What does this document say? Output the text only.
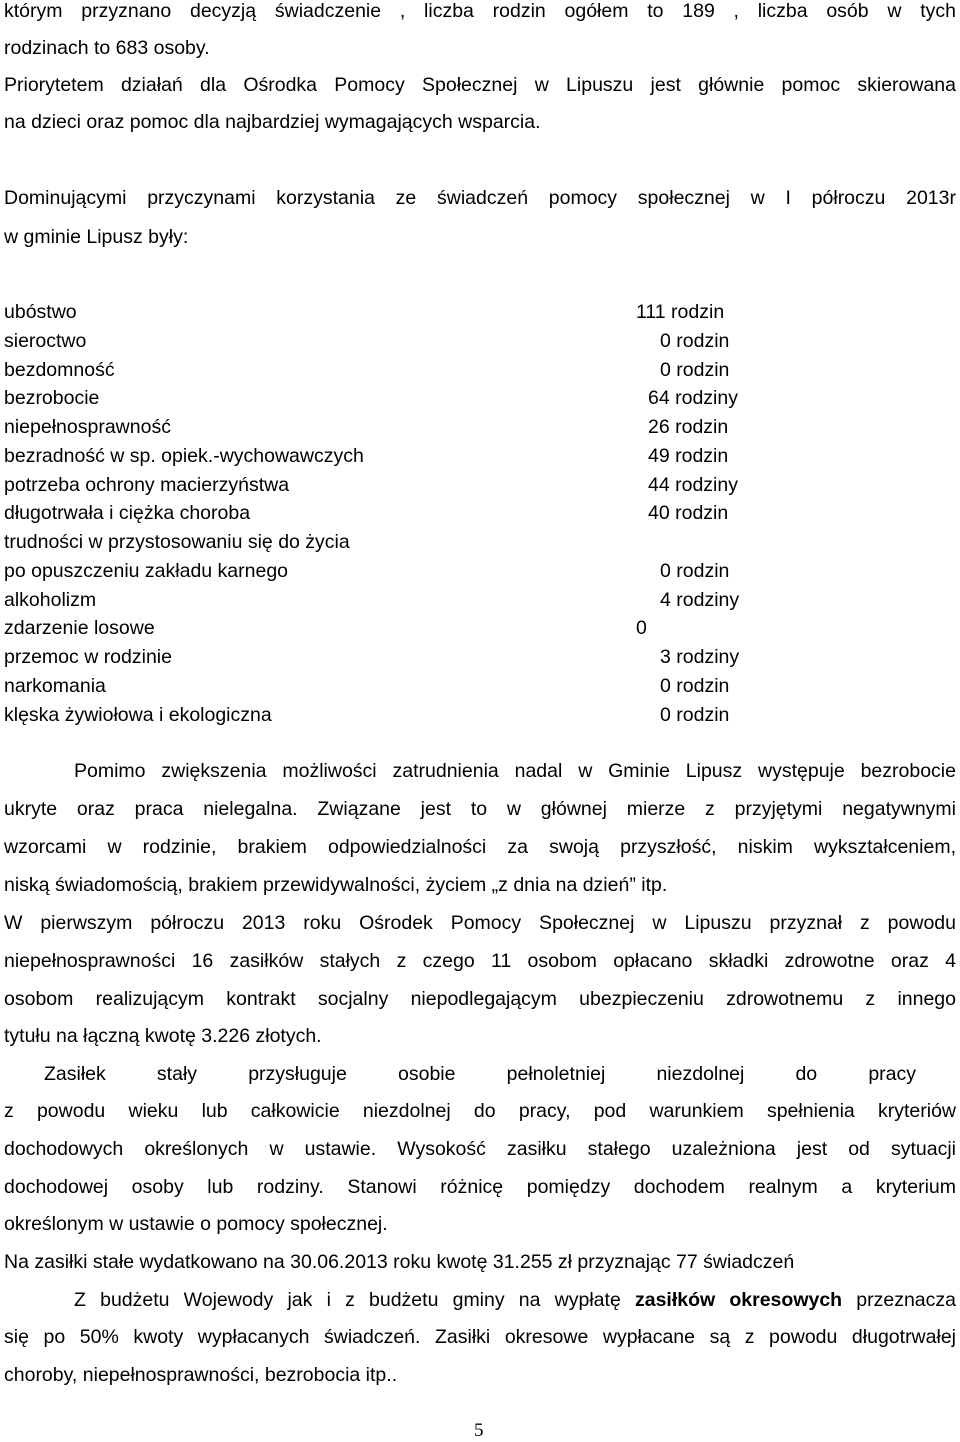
którym przyznano decyzją świadczenie , liczba rodzin ogółem to 189 , liczba osób w tych

rodzinach to 683 osoby.

Priorytetem działań dla Ośrodka Pomocy Społecznej w Lipuszu jest głównie pomoc skierowana

na dzieci oraz pomoc dla najbardziej wymagających wsparcia.

Dominującymi przyczynami korzystania ze świadczeń pomocy społecznej w I półroczu 2013r

w gminie Lipusz były:

ubóstwo	111 rodzin
sieroctwo	0 rodzin
bezdomność	0 rodzin
bezrobocie	64 rodziny
niepełnosprawność	26 rodzin
bezradność w sp. opiek.-wychowawczych	49 rodzin
potrzeba ochrony macierzyństwa	44 rodziny
długotrwała i ciężka choroba	40 rodzin
trudności w przystosowaniu się do życia
po opuszczeniu zakładu karnego	0 rodzin
alkoholizm	4 rodziny
zdarzenie losowe	0
przemoc w rodzinie	3 rodziny
narkomania	0 rodzin
klęska żywiołowa i ekologiczna	0 rodzin

Pomimo zwiększenia możliwości zatrudnienia nadal w Gminie Lipusz występuje bezrobocie

ukryte oraz praca nielegalna. Związane jest to w głównej mierze z przyjętymi negatywnymi

wzorcami w rodzinie, brakiem odpowiedzialności za swoją przyszłość, niskim wykształceniem,

niską świadomością, brakiem przewidywalności, życiem „z dnia na dzień” itp.

W pierwszym półroczu 2013 roku Ośrodek Pomocy Społecznej w Lipuszu przyznał z powodu

niepełnosprawności 16 zasiłków stałych z czego 11 osobom opłacano składki zdrowotne oraz 4

osobom realizującym kontrakt socjalny niepodlegającym ubezpieczeniu zdrowotnemu z innego

tytułu na łączną kwotę 3.226 złotych.

Zasiłek stały przysługuje osobie pełnoletniej niezdolnej do pracy

z powodu wieku lub całkowicie niezdolnej do pracy, pod warunkiem spełnienia kryteriów

dochodowych określonych w ustawie. Wysokość zasiłku stałego uzależniona jest od sytuacji

dochodowej osoby lub rodziny. Stanowi różnicę pomiędzy dochodem realnym a kryterium

określonym w ustawie o pomocy społecznej.

Na zasiłki stałe wydatkowano na 30.06.2013 roku kwotę 31.255 zł przyznając 77 świadczeń

Z budżetu Wojewody jak i z budżetu gminy na wypłatę zasiłków okresowych przeznacza

się po 50% kwoty wypłacanych świadczeń. Zasiłki okresowe wypłacane są z powodu długotrwałej

choroby, niepełnosprawności, bezrobocia itp..

5
